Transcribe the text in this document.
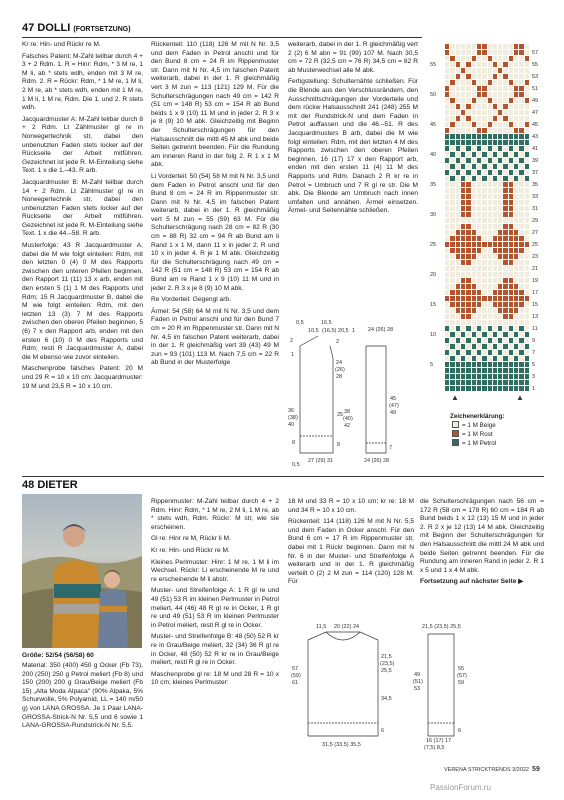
47 DOLLI (FORTSETZUNG)

Kr re: Hin- und Rückr re M.

Falsches Patent: M-Zahl teilbar durch 4 + 3 + 2 Rdm. 1. R = Hinr: Rdm, * 3 M re, 1 M li, ab * stets wdh, enden mit 3 M re, Rdm. 2. R = Rückr: Rdm, * 1 M re, 1 M li, 2 M re, ab * stets wdh, enden mit 1 M re, 1 M li, 1 M re, Rdm. Die 1. und 2. R stets wdh.

Jacquardmuster A: M-Zahl teilbar durch 8 + 2 Rdm. Lt Zählmuster gl re in Norwegertechnik str, dabei den unbenutzten Faden stets locker auf der Rückseite der Arbeit mitführen. Gezeichnet ist jede R. M-Einteilung siehe Text. 1 x die 1.–43. R arb.

Jacquardmuster B: M-Zahl teilbar durch 14 + 2 Rdm. Lt Zählmuster gl re in Norwegertechnik str, dabei den unbenutzten Faden stets locker auf der Rückseite der Arbeit mitführen. Gezeichnet ist jede R. M-Einteilung siehe Text. 1 x die 44.–58. R arb.

Musterfolge: 43 R Jacquardmuster A, dabei die M wie folgt einteilen: Rdm, mit den letzten 0 (4) 0 M des Rapports zwischen den unteren Pfeilen beginnen, den Rapport 11 (11) 13 x arb, enden mit den ersten 5 (1) 1 M des Rapports und Rdm; 15 R Jacquardmuster B, dabei die M wie folgt einteilen: Rdm, mit den letzten 13 (3) 7 M des Rapports zwischen den oberen Pfeilen beginnen, 5 (6) 7 x den Rapport arb, enden mit den ersten 6 (10) 0 M des Rapports und Rdm; restl R Jacquardmuster A, dabei die M ebenso wie zuvor einteilen.

Maschenprobe falsches Patent: 20 M und 29 R = 10 x 10 cm; Jacquardmuster: 19 M und 23,5 R = 10 x 10 cm.

Rückenteil: 110 (118) 126 M mit N Nr. 3,5 und dem Faden in Petrol anschl und für den Bund 8 cm = 24 R im Rippenmuster str. Dann mit N Nr. 4,5 im falschen Patent weiterarb, dabei in der 1. R gleichmäßig vert 3 M zun = 113 (121) 129 M. Für die Schulterschrägungen nach 49 cm = 142 R (51 cm = 148 R) 53 cm = 154 R ab Bund beids 1 x 9 (10) 11 M und in jeder 2. R 3 x je 8 (9) 10 M abk. Gleichzeitig mit Beginn der Schulterschrägungen für den Halsausschnitt die mittl 45 M abk und beide Seiten getrennt beenden. Für die Rundung am inneren Rand in der folg 2. R 1 x 1 M abk.

Li Vorderteil: 50 (54) 58 M mit N Nr. 3,5 und dem Faden in Petrol anschl und für den Bund 8 cm = 24 R im Rippenmuster str. Dann mit N Nr. 4,5 im falschen Patent weiterarb, dabei in der 1. R gleichmäßig vert 5 M zun = 55 (59) 63 M. Für die Schulterschrägung nach 28 cm = 82 R (30 cm = 88 R) 32 cm = 94 R ab Bund am li Rand 1 x 1 M, dann 11 x in jeder 2. R und 10 x in jeder 4. R je 1 M abk. Gleichzeitig für die Schulterschrägung nach 49 cm = 142 R (51 cm = 148 R) 53 cm = 154 R ab Bund am re Rand 1 x 9 (10) 11 M und in jeder 2. R 3 x je 8 (9) 10 M abk.

Re Vorderteil: Gegengl arb.

Ärmel: 54 (58) 64 M mit N Nr. 3,5 und dem Faden in Petrol anschl und für den Bund 7 cm = 20 R im Rippenmuster str. Dann mit N Nr. 4,5 im falschen Patent weiterarb, dabei in der 1. R gleichmäßig vert 39 (43) 49 M zun = 93 (101) 113 M. Nach 7,5 cm = 22 R ab Bund in der Musterfolge

weiterarb, dabei in der 1. R gleichmäßig vert 2 (2) 6 M abn = 91 (99) 107 M. Nach 30,5 cm = 72 R (32,5 cm = 76 R) 34,5 cm = 82 R ab Musterwechsel alle M abk.

Fertigstellung: Schulternähte schließen. Für die Blende aus den Verschlussrändern, den Ausschnittschrägungen der Vorderteile und dem rückw Halsausschnitt 241 (248) 255 M mit der Rundstrick-N und dem Faden in Petrol auffassen und die 46.–51. R des Jacquardmusters B arb, dabei die M wie folgt einteilen: Rdm, mit den letzten 4 M des Rapports zwischen den oberen Pfeilen beginnen, 16 (17) 17 x den Rapport arb, enden mit den ersten 11 (4) 11 M des Rapports und Rdm. Danach 2 R kr re in Petrol = Umbruch und 7 R gl re str. Die M abk. Die Blende am Umbruch nach innen umfalten und annähen. Ärmel einsetzen. Ärmel- und Seitennähte schließen.

0,5
10,5
16,5
(16,5) 20,5 1
2
1
36
(38)
40
24
(26)
28
2
38
(40)
42
25
8	7
24 (26) 28
45
(47)
49
27 (29) 31	24 (26) 28
8
0,5
55
50
45
40
35
30
25
20
15
10
5
57
55
53
51
49
47
45
43
41
39
37
35
33
31
29
27
25
23
21
19
17
15
13
11
9
7
5
3
1
▲	▲
Zeichenerklärung:
= 1 M Beige
= 1 M Rost
= 1 M Petrol
48 DIETER
Größe: 52/54 (56/58) 60

Material: 350 (400) 450 g Ocker (Fb 73), 200 (250) 250 g Petrol meliert (Fb 8) und 150 (200) 200 g Grau/Beige meliert (Fb 15) „Alta Moda Alpaca" (90% Alpaka, 5% Schurwolle, 5% Polyamid, LL = 140 m/50 g) von LANA GROSSA. Je 1 Paar LANA-GROSSA-Strick-N Nr. 5,5 und 6 sowie 1 LANA-GROSSA-Rundstrick-N Nr. 5,5.

Rippenmuster: M-Zahl teilbar durch 4 + 2 Rdm. Hinr: Rdm, * 1 M re, 2 M li, 1 M re, ab * stets wdh, Rdm. Rückr: M str, wie sie erscheinen.

Gl re: Hinr re M, Rückr li M.

Kr re: Hin- und Rückr re M.

Kleines Perlmuster: Hinr: 1 M re, 1 M li im Wechsel. Rückr: Li erscheinende M re und re erscheinende M li abstr.

Muster- und Streifenfolge A: 1 R gl re und 49 (51) 53 R im kleinen Perlmuster in Petrol meliert, 44 (46) 48 R gl re in Ocker, 1 R gl re und 49 (51) 53 R im kleinen Perlmuster in Petrol meliert, restl R gl re in Ocker.

Muster- und Streifenfolge B: 48 (50) 52 R kr re in Grau/Beige meliert, 32 (34) 36 R gl re in Ocker, 48 (50) 52 R kr re in Grau/Beige meliert, restl R gl re in Ocker.

Maschenprobe gl re: 18 M und 28 R = 10 x 10 cm; kleines Perlmuster:

18 M und 33 R = 10 x 10 cm; kr re: 18 M und 34 R = 10 x 10 cm.

Rückenteil: 114 (118) 126 M mit N Nr. 5,5 und dem Faden in Ocker anschl. Für den Bund 6 cm = 17 R im Rippenmuster str, dabei mit 1 Rückr beginnen. Dann mit N Nr. 6 in der Muster- und Streifenfolge A weiterarb und in der 1. R gleichmäßig verteilt 0 (2) 2 M zun = 114 (120) 128 M. Für

die Schulterschrägungen nach 56 cm = 172 R (58 cm = 178 R) 60 cm = 184 R ab Bund beids 1 x 12 (13) 15 M und in jeder 2. R 2 x je 12 (13) 14 M abk. Gleichzeitig mit Beginn der Schulterschrägungen für den Halsausschnitt die mittl 24 M abk und beide Seiten getrennt beenden. Für die Rundung am inneren Rand in jeder 2. R 1 x 5 und 1 x 4 M abk.

Fortsetzung auf nächster Seite ▶

11,5 20 (22) 24	21,5 (23,5) 25,5
57
(59)
61
21,5
(23,5)
25,5
34,5
6
49
(51)
53
55
(57)
59
6
31,5 (33,5) 35,5
16 (17) 17
(7,5) 8,5
VERENA STRICKTRENDS 3/2022 59
PassionForum.ru
